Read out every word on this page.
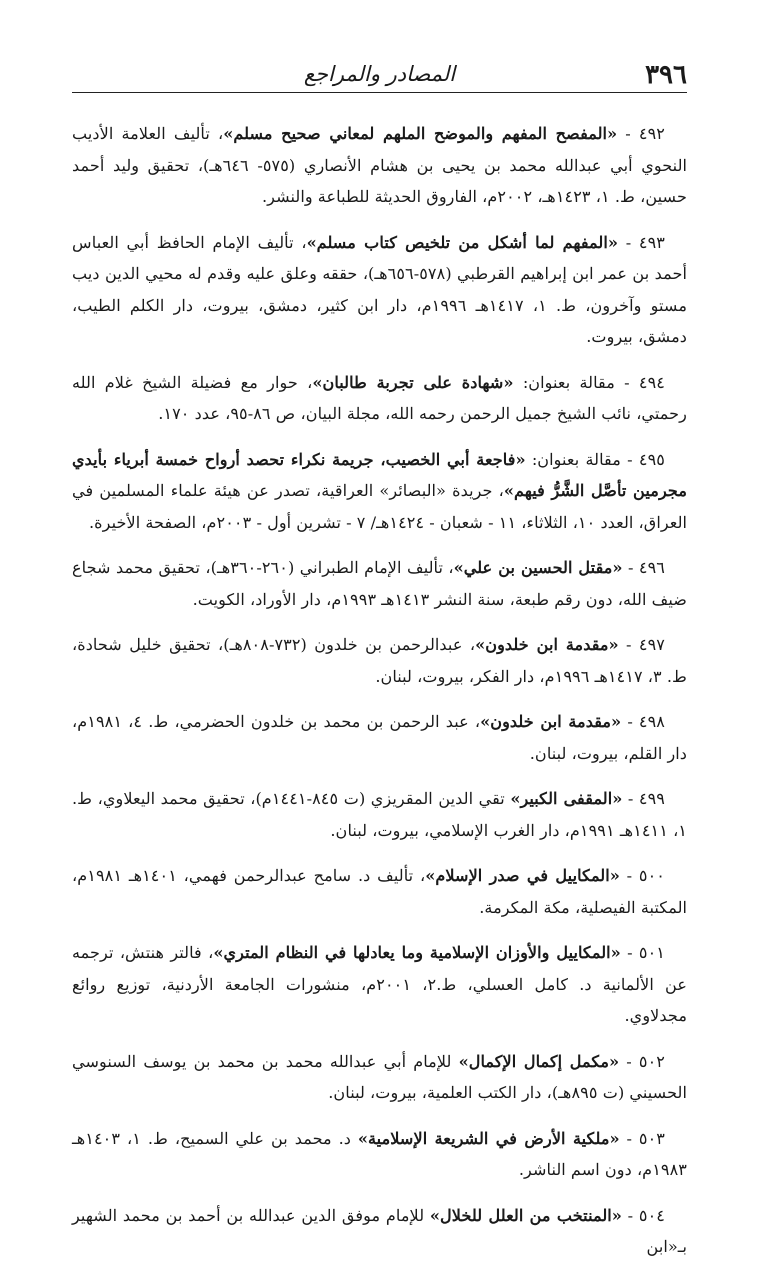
٣٩٦
المصادر والمراجع

٤٩٢ - «المفصح المفهم والموضح الملهم لمعاني صحيح مسلم»، تأليف العلامة الأديب النحوي أبي عبدالله محمد بن يحيى بن هشام الأنصاري (٥٧٥- ٦٤٦هـ)، تحقيق وليد أحمد حسين، ط. ١، ١٤٢٣هـ، ٢٠٠٢م، الفاروق الحديثة للطباعة والنشر.

٤٩٣ - «المفهم لما أشكل من تلخيص كتاب مسلم»، تأليف الإمام الحافظ أبي العباس أحمد بن عمر ابن إبراهيم القرطبي (٥٧٨-٦٥٦هـ)، حققه وعلق عليه وقدم له محيي الدين ديب مستو وآخرون، ط. ١، ١٤١٧هـ ١٩٩٦م، دار ابن كثير، دمشق، بيروت، دار الكلم الطيب، دمشق، بيروت.

٤٩٤ - مقالة بعنوان: «شهادة على تجربة طالبان»، حوار مع فضيلة الشيخ غلام الله رحمتي، نائب الشيخ جميل الرحمن رحمه الله، مجلة البيان، ص ٨٦-٩٥، عدد ١٧٠.

٤٩٥ - مقالة بعنوان: «فاجعة أبي الخصيب، جريمة نكراء تحصد أرواح خمسة أبرياء بأيدي مجرمين تأصَّل الشَّرُّ فيهم»، جريدة «البصائر» العراقية، تصدر عن هيئة علماء المسلمين في العراق، العدد ١٠، الثلاثاء، ١١ - شعبان - ١٤٢٤هـ/ ٧ - تشرين أول - ٢٠٠٣م، الصفحة الأخيرة.

٤٩٦ - «مقتل الحسين بن علي»، تأليف الإمام الطبراني (٢٦٠-٣٦٠هـ)، تحقيق محمد شجاع ضيف الله، دون رقم طبعة، سنة النشر ١٤١٣هـ ١٩٩٣م، دار الأوراد، الكويت.

٤٩٧ - «مقدمة ابن خلدون»، عبدالرحمن بن خلدون (٧٣٢-٨٠٨هـ)، تحقيق خليل شحادة، ط. ٣، ١٤١٧هـ ١٩٩٦م، دار الفكر، بيروت، لبنان.

٤٩٨ - «مقدمة ابن خلدون»، عبد الرحمن بن محمد بن خلدون الحضرمي، ط. ٤، ١٩٨١م، دار القلم، بيروت، لبنان.

٤٩٩ - «المقفى الكبير» تقي الدين المقريزي (ت ٨٤٥-١٤٤١م)، تحقيق محمد اليعلاوي، ط. ١، ١٤١١هـ ١٩٩١م، دار الغرب الإسلامي، بيروت، لبنان.

٥٠٠ - «المكاييل في صدر الإسلام»، تأليف د. سامح عبدالرحمن فهمي، ١٤٠١هـ ١٩٨١م، المكتبة الفيصلية، مكة المكرمة.

٥٠١ - «المكاييل والأوزان الإسلامية وما يعادلها في النظام المتري»، فالتر هنتش، ترجمه عن الألمانية د. كامل العسلي، ط.٢، ٢٠٠١م، منشورات الجامعة الأردنية، توزيع روائع مجدلاوي.

٥٠٢ - «مكمل إكمال الإكمال» للإمام أبي عبدالله محمد بن محمد بن يوسف السنوسي الحسيني (ت ٨٩٥هـ)، دار الكتب العلمية، بيروت، لبنان.

٥٠٣ - «ملكية الأرض في الشريعة الإسلامية» د. محمد بن علي السميح، ط. ١، ١٤٠٣هـ ١٩٨٣م، دون اسم الناشر.

٥٠٤ - «المنتخب من العلل للخلال» للإمام موفق الدين عبدالله بن أحمد بن محمد الشهير بـ«ابن
